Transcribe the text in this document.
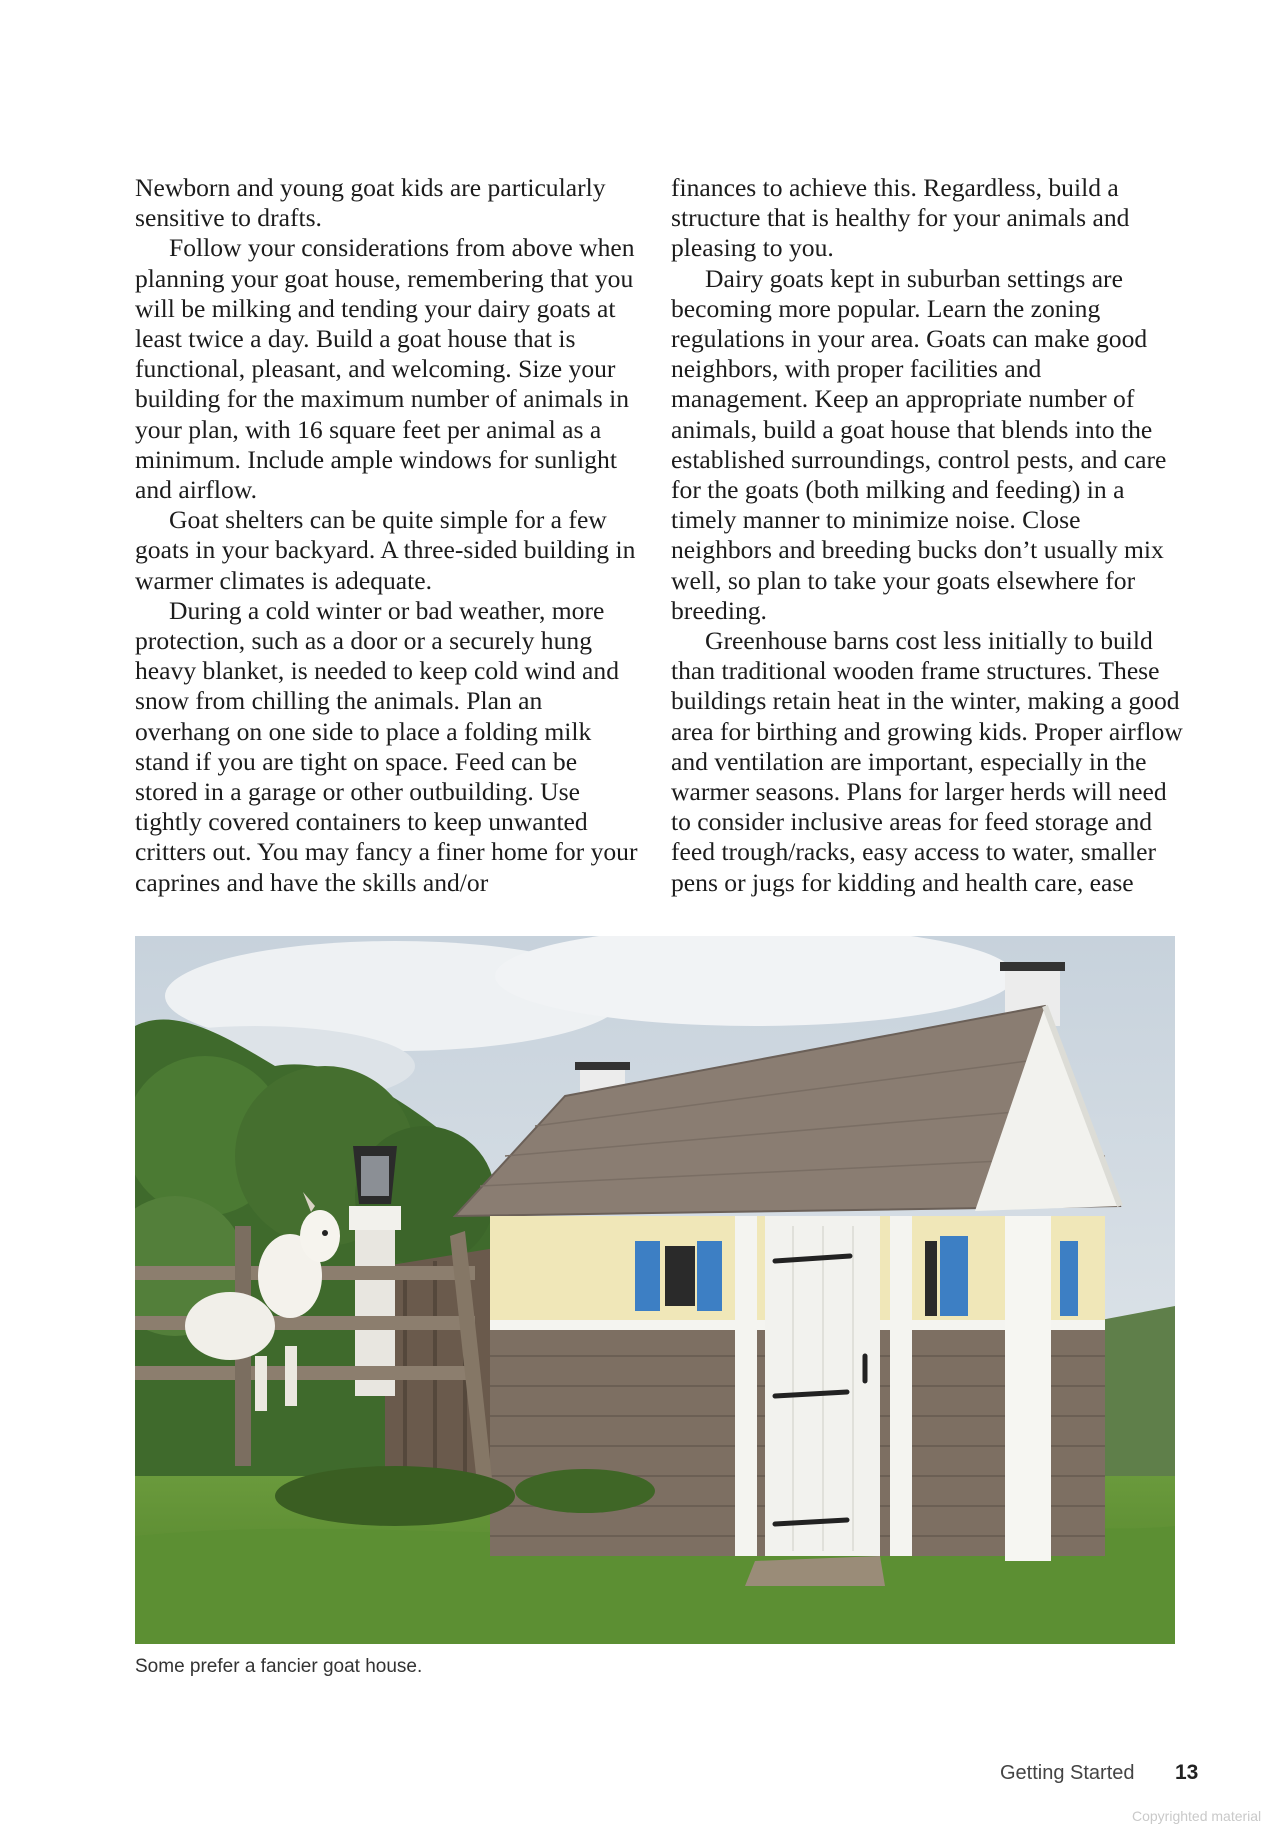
Newborn and young goat kids are particularly sensitive to drafts.

Follow your considerations from above when planning your goat house, remembering that you will be milking and tending your dairy goats at least twice a day. Build a goat house that is functional, pleasant, and welcoming. Size your building for the maximum number of animals in your plan, with 16 square feet per animal as a minimum. Include ample windows for sunlight and airflow.

Goat shelters can be quite simple for a few goats in your backyard. A three-sided building in warmer climates is adequate.

During a cold winter or bad weather, more protection, such as a door or a securely hung heavy blanket, is needed to keep cold wind and snow from chilling the animals. Plan an overhang on one side to place a folding milk stand if you are tight on space. Feed can be stored in a garage or other outbuilding. Use tightly covered containers to keep unwanted critters out. You may fancy a finer home for your caprines and have the skills and/or

finances to achieve this. Regardless, build a structure that is healthy for your animals and pleasing to you.

Dairy goats kept in suburban settings are becoming more popular. Learn the zoning regulations in your area. Goats can make good neighbors, with proper facilities and management. Keep an appropriate number of animals, build a goat house that blends into the established surroundings, control pests, and care for the goats (both milking and feeding) in a timely manner to minimize noise. Close neighbors and breeding bucks don’t usually mix well, so plan to take your goats elsewhere for breeding.

Greenhouse barns cost less initially to build than traditional wooden frame structures. These buildings retain heat in the winter, making a good area for birthing and growing kids. Proper airflow and ventilation are important, especially in the warmer seasons. Plans for larger herds will need to consider inclusive areas for feed storage and feed trough/racks, easy access to water, smaller pens or jugs for kidding and health care, ease

Some prefer a fancier goat house.
Getting Started 13
Copyrighted material
